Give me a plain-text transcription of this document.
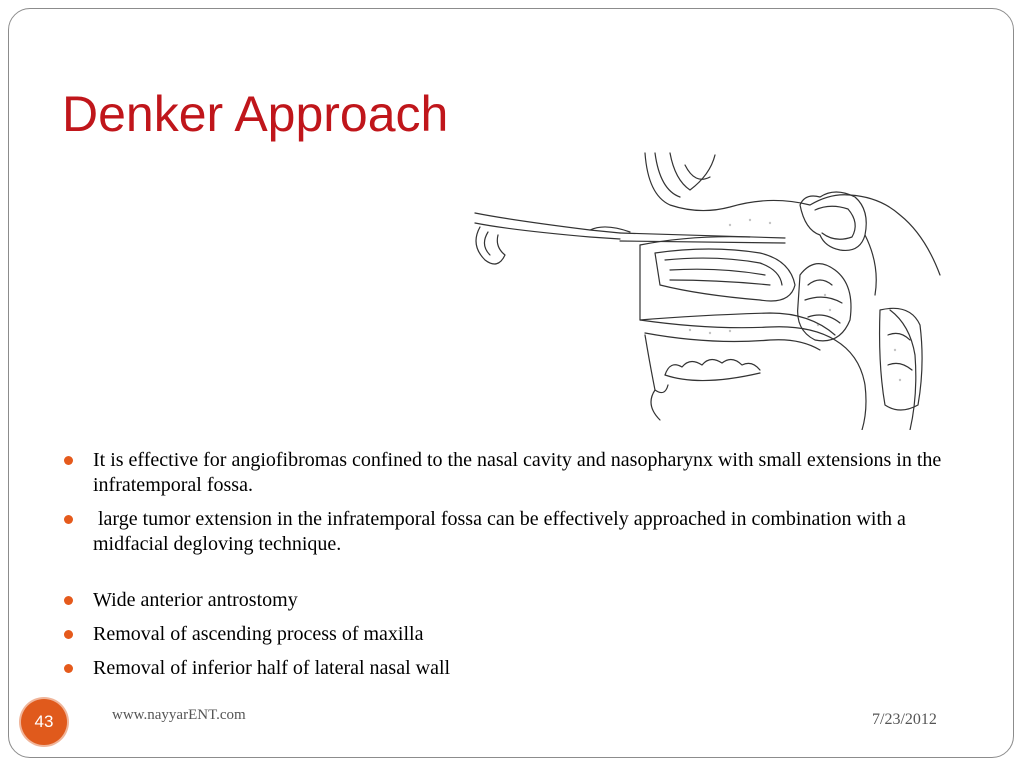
Denker Approach
It is effective for angiofibromas confined to the nasal cavity and nasopharynx with small extensions in the infratemporal fossa.
large tumor extension in the infratemporal fossa can be effectively approached in combination with a midfacial degloving technique.
Wide anterior antrostomy
Removal of ascending process of maxilla
Removal of inferior half of lateral nasal wall
43	www.nayyarENT.com	7/23/2012
